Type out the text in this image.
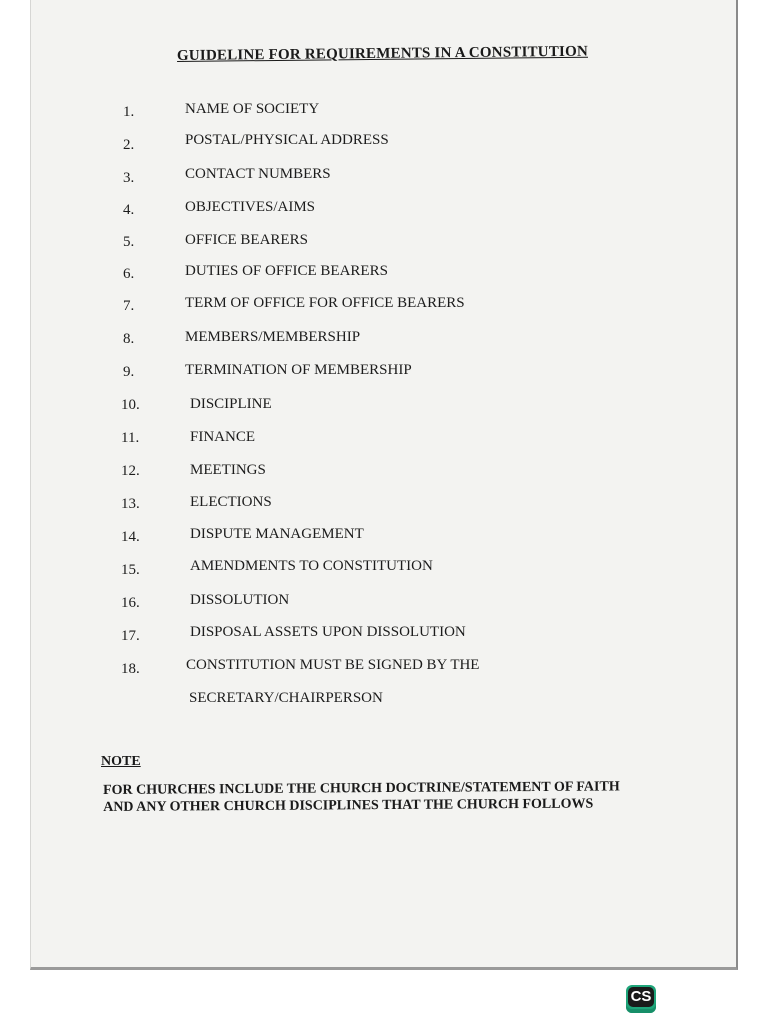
GUIDELINE FOR REQUIREMENTS IN A CONSTITUTION
1.	NAME OF SOCIETY
2.	POSTAL/PHYSICAL ADDRESS
3.	CONTACT NUMBERS
4.	OBJECTIVES/AIMS
5.	OFFICE BEARERS
6.	DUTIES OF OFFICE BEARERS
7.	TERM OF OFFICE FOR OFFICE BEARERS
8.	MEMBERS/MEMBERSHIP
9.	TERMINATION OF MEMBERSHIP
10.	DISCIPLINE
11.	FINANCE
12.	MEETINGS
13.	ELECTIONS
14.	DISPUTE MANAGEMENT
15.	AMENDMENTS TO CONSTITUTION
16.	DISSOLUTION
17.	DISPOSAL ASSETS UPON DISSOLUTION
18.	CONSTITUTION MUST BE SIGNED BY THE
SECRETARY/CHAIRPERSON
NOTE
FOR CHURCHES INCLUDE THE CHURCH DOCTRINE/STATEMENT OF FAITH AND ANY OTHER CHURCH DISCIPLINES THAT THE CHURCH FOLLOWS
CS
